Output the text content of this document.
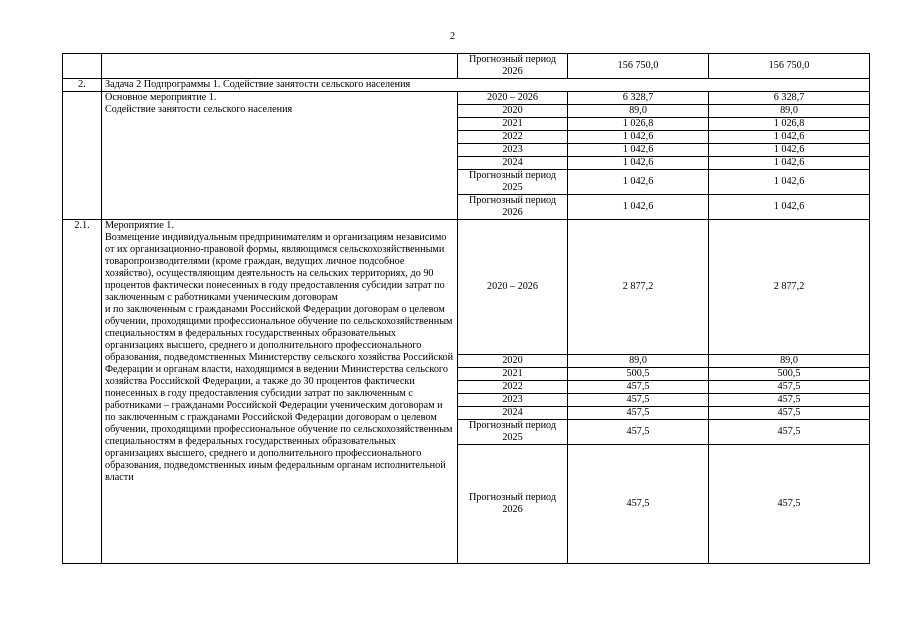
2
		Прогнозный период 2026	156 750,0	156 750,0
2.	Задача 2 Подпрограммы 1. Содействие занятости сельского населения			
	Основное мероприятие 1.
Содействие занятости сельского населения	2020 – 2026	6 328,7	6 328,7
		2020	89,0	89,0
		2021	1 026,8	1 026,8
		2022	1 042,6	1 042,6
		2023	1 042,6	1 042,6
		2024	1 042,6	1 042,6
		Прогнозный период 2025	1 042,6	1 042,6
		Прогнозный период 2026	1 042,6	1 042,6
2.1.	Мероприятие 1.
Возмещение индивидуальным предпринимателям и организациям независимо от их организационно-правовой формы, являющимся сельскохозяйственными товаропроизводителями (кроме граждан, ведущих личное подсобное хозяйство), осуществляющим деятельность на сельских территориях, до 90 процентов фактически понесенных в году предоставления субсидии затрат по заключенным с работниками ученическим договорам
и по заключенным с гражданами Российской Федерации договорам о целевом обучении, проходящими профессиональное обучение по сельскохозяйственным специальностям в федеральных государственных образовательных организациях высшего, среднего и дополнительного профессионального образования, подведомственных Министерству сельского хозяйства Российской Федерации и органам власти, находящимся в ведении Министерства сельского хозяйства Российской Федерации, а также до 30 процентов фактически понесенных в году предоставления субсидии затрат по заключенным с работниками – гражданами Российской Федерации ученическим договорам и по заключенным с гражданами Российской Федерации договорам о целевом обучении, проходящими профессиональное обучение по сельскохозяйственным специальностям в федеральных государственных образовательных организациях высшего, среднего и дополнительного профессионального образования, подведомственных иным федеральным органам исполнительной власти	2020 – 2026	2 877,2	2 877,2
		2020	89,0	89,0
		2021	500,5	500,5
		2022	457,5	457,5
		2023	457,5	457,5
		2024	457,5	457,5
		Прогнозный период 2025	457,5	457,5
		Прогнозный период 2026	457,5	457,5
